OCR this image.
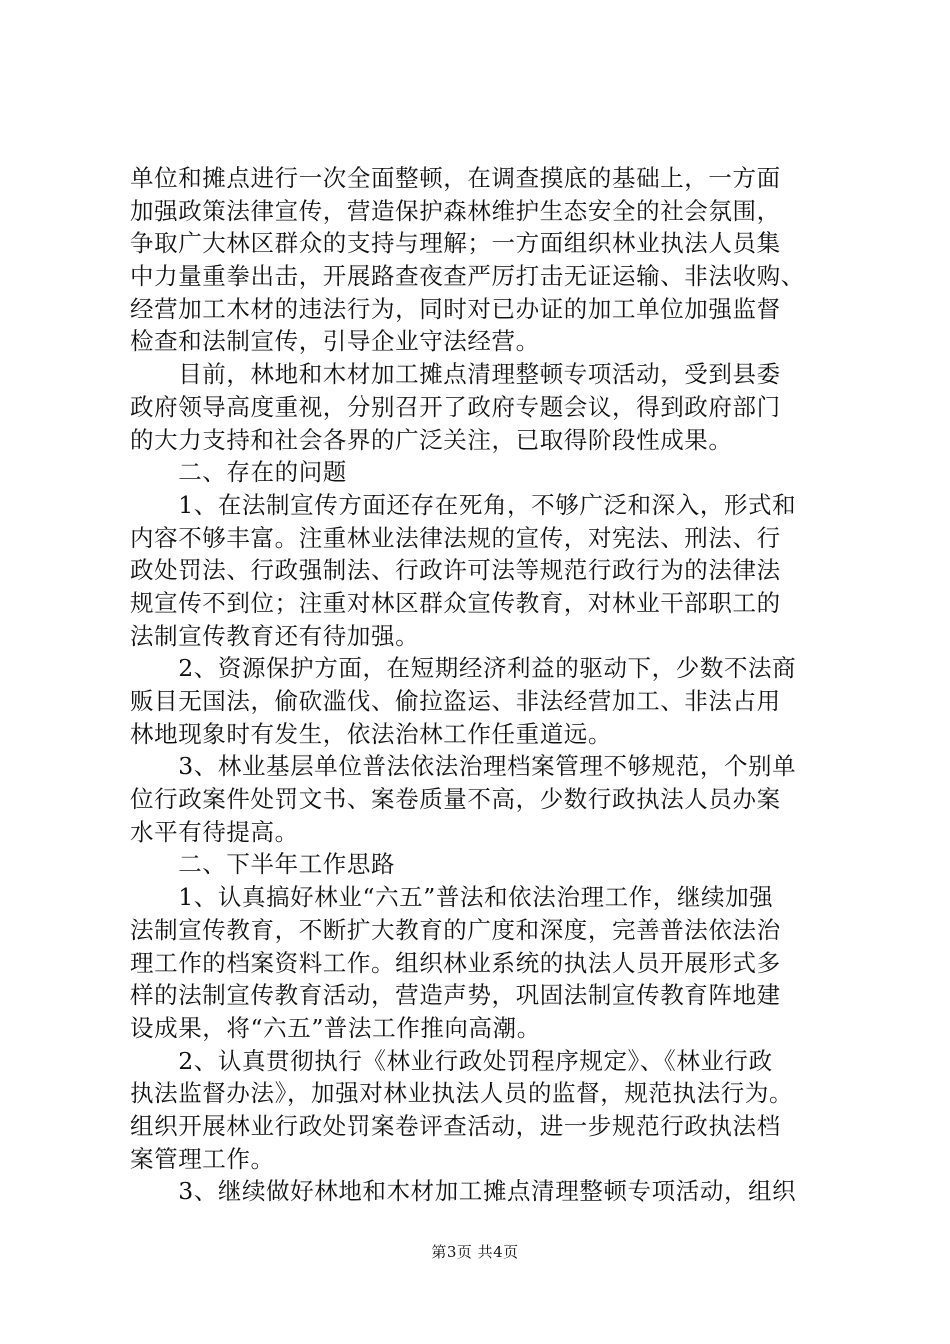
单位和摊点进行一次全面整顿，在调查摸底的基础上，一方面
加强政策法律宣传，营造保护森林维护生态安全的社会氛围，
争取广大林区群众的支持与理解；一方面组织林业执法人员集
中力量重拳出击，开展路查夜查严厉打击无证运输、非法收购、
经营加工木材的违法行为，同时对已办证的加工单位加强监督
检查和法制宣传，引导企业守法经营。
　　目前，林地和木材加工摊点清理整顿专项活动，受到县委
政府领导高度重视，分别召开了政府专题会议，得到政府部门
的大力支持和社会各界的广泛关注，已取得阶段性成果。
　　二、存在的问题
　　1、在法制宣传方面还存在死角，不够广泛和深入，形式和
内容不够丰富。注重林业法律法规的宣传，对宪法、刑法、行
政处罚法、行政强制法、行政许可法等规范行政行为的法律法
规宣传不到位；注重对林区群众宣传教育，对林业干部职工的
法制宣传教育还有待加强。
　　2、资源保护方面，在短期经济利益的驱动下，少数不法商
贩目无国法，偷砍滥伐、偷拉盗运、非法经营加工、非法占用
林地现象时有发生，依法治林工作任重道远。
　　3、林业基层单位普法依法治理档案管理不够规范，个别单
位行政案件处罚文书、案卷质量不高，少数行政执法人员办案
水平有待提高。
　　二、下半年工作思路
　　1、认真搞好林业“六五”普法和依法治理工作，继续加强
法制宣传教育，不断扩大教育的广度和深度，完善普法依法治
理工作的档案资料工作。组织林业系统的执法人员开展形式多
样的法制宣传教育活动，营造声势，巩固法制宣传教育阵地建
设成果，将“六五”普法工作推向高潮。
　　2、认真贯彻执行《林业行政处罚程序规定》、《林业行政
执法监督办法》，加强对林业执法人员的监督，规范执法行为。
组织开展林业行政处罚案卷评查活动，进一步规范行政执法档
案管理工作。
　　3、继续做好林地和木材加工摊点清理整顿专项活动，组织
第3页 共4页
